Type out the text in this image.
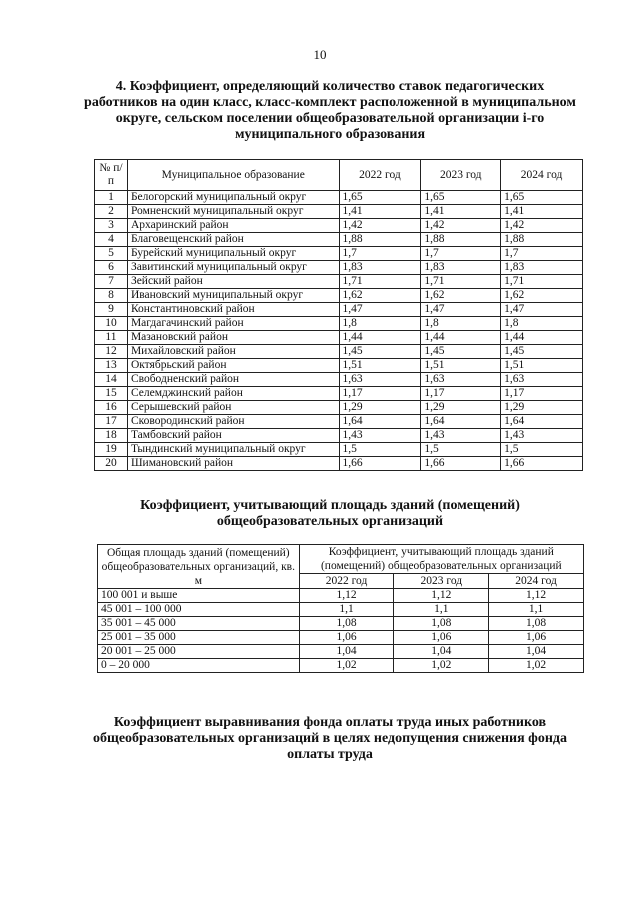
10

4. Коэффициент, определяющий количество ставок педагогических работников на один класс, класс-комплект расположенной в муниципальном округе, сельском поселении общеобразовательной организации i-го муниципального образования

№ п/п	Муниципальное образование	2022 год	2023 год	2024 год
1	Белогорский муниципальный округ	1,65	1,65	1,65
2	Ромненский муниципальный округ	1,41	1,41	1,41
3	Архаринский район	1,42	1,42	1,42
4	Благовещенский район	1,88	1,88	1,88
5	Бурейский муниципальный округ	1,7	1,7	1,7
6	Завитинский муниципальный округ	1,83	1,83	1,83
7	Зейский район	1,71	1,71	1,71
8	Ивановский муниципальный округ	1,62	1,62	1,62
9	Константиновский район	1,47	1,47	1,47
10	Магдагачинский район	1,8	1,8	1,8
11	Мазановский район	1,44	1,44	1,44
12	Михайловский район	1,45	1,45	1,45
13	Октябрьский район	1,51	1,51	1,51
14	Свободненский район	1,63	1,63	1,63
15	Селемджинский район	1,17	1,17	1,17
16	Серышевский район	1,29	1,29	1,29
17	Сковородинский район	1,64	1,64	1,64
18	Тамбовский район	1,43	1,43	1,43
19	Тындинский муниципальный округ	1,5	1,5	1,5
20	Шимановский район	1,66	1,66	1,66

Коэффициент, учитывающий площадь зданий (помещений) общеобразовательных организаций

Общая площадь зданий (помещений) общеобразовательных организаций, кв. м	Коэффициент, учитывающий площадь зданий (помещений) общеобразовательных организаций		
	2022 год	2023 год	2024 год
100 001 и выше	1,12	1,12	1,12
45 001 – 100 000	1,1	1,1	1,1
35 001 – 45 000	1,08	1,08	1,08
25 001 – 35 000	1,06	1,06	1,06
20 001 – 25 000	1,04	1,04	1,04
0 – 20 000	1,02	1,02	1,02

Коэффициент выравнивания фонда оплаты труда иных работников общеобразовательных организаций в целях недопущения снижения фонда оплаты труда
